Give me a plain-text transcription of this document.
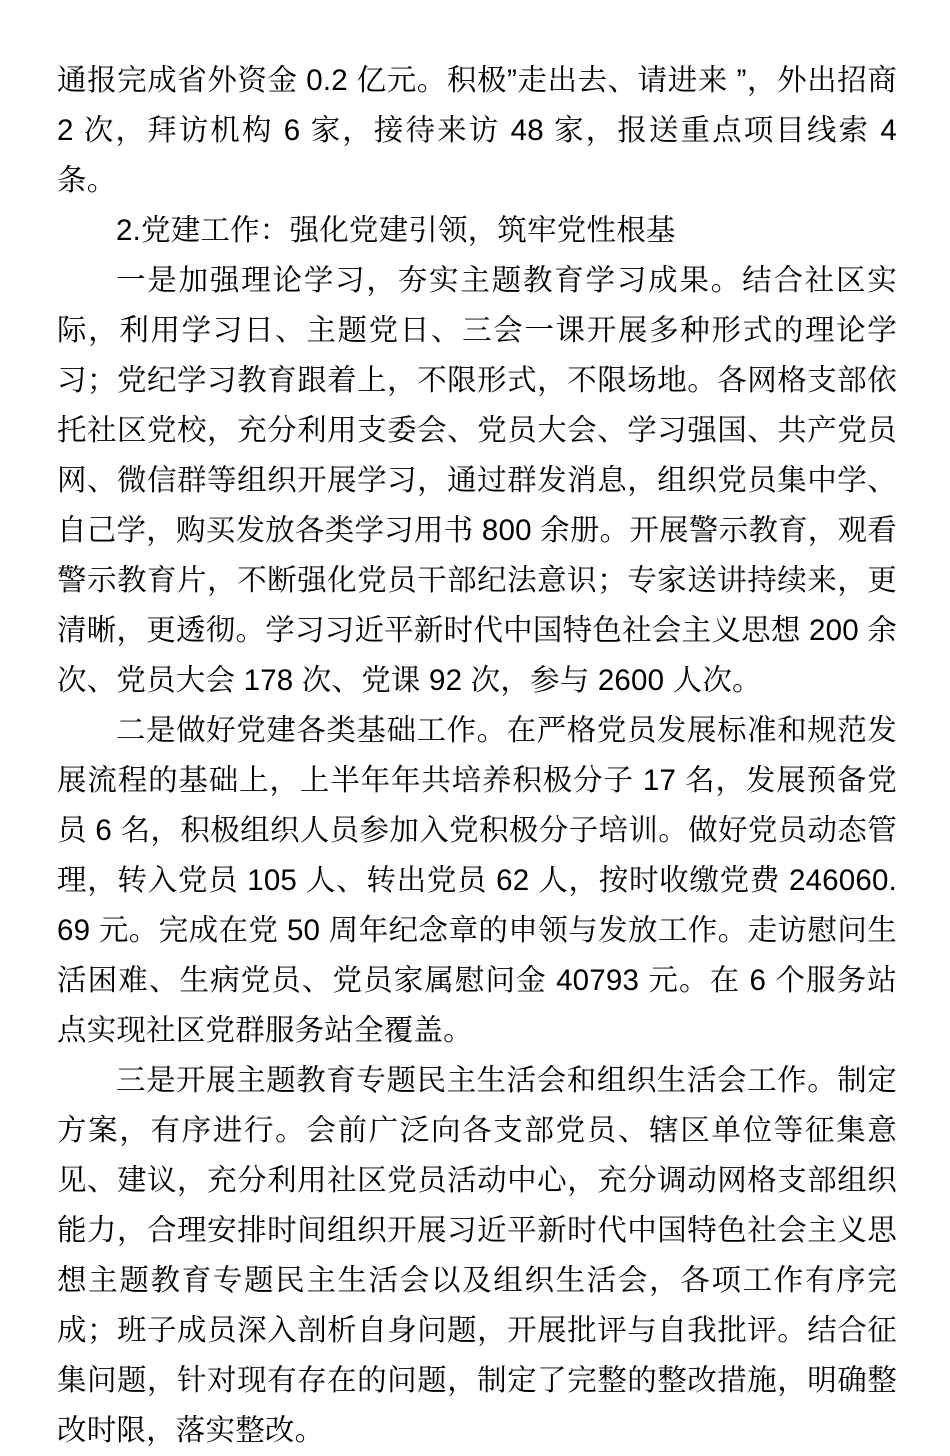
通报完成省外资金 0.2 亿元。积极”走出去、请进来 ”，外出招商 2 次，拜访机构 6 家，接待来访 48 家，报送重点项目线索 4 条。

2.党建工作：强化党建引领，筑牢党性根基

一是加强理论学习，夯实主题教育学习成果。结合社区实际，利用学习日、主题党日、三会一课开展多种形式的理论学习；党纪学习教育跟着上，不限形式，不限场地。各网格支部依托社区党校，充分利用支委会、党员大会、学习强国、共产党员网、微信群等组织开展学习，通过群发消息，组织党员集中学、自己学，购买发放各类学习用书 800 余册。开展警示教育，观看警示教育片，不断强化党员干部纪法意识；专家送讲持续来，更清晰，更透彻。学习习近平新时代中国特色社会主义思想 200 余次、党员大会 178 次、党课 92 次，参与 2600 人次。

二是做好党建各类基础工作。在严格党员发展标准和规范发展流程的基础上，上半年年共培养积极分子 17 名，发展预备党员 6 名，积极组织人员参加入党积极分子培训。做好党员动态管理，转入党员 105 人、转出党员 62 人，按时收缴党费 246060.69 元。完成在党 50 周年纪念章的申领与发放工作。走访慰问生活困难、生病党员、党员家属慰问金 40793 元。在 6 个服务站点实现社区党群服务站全覆盖。

三是开展主题教育专题民主生活会和组织生活会工作。制定方案，有序进行。会前广泛向各支部党员、辖区单位等征集意见、建议，充分利用社区党员活动中心，充分调动网格支部组织能力，合理安排时间组织开展习近平新时代中国特色社会主义思想主题教育专题民主生活会以及组织生活会，各项工作有序完成；班子成员深入剖析自身问题，开展批评与自我批评。结合征集问题，针对现有存在的问题，制定了完整的整改措施，明确整改时限，落实整改。
